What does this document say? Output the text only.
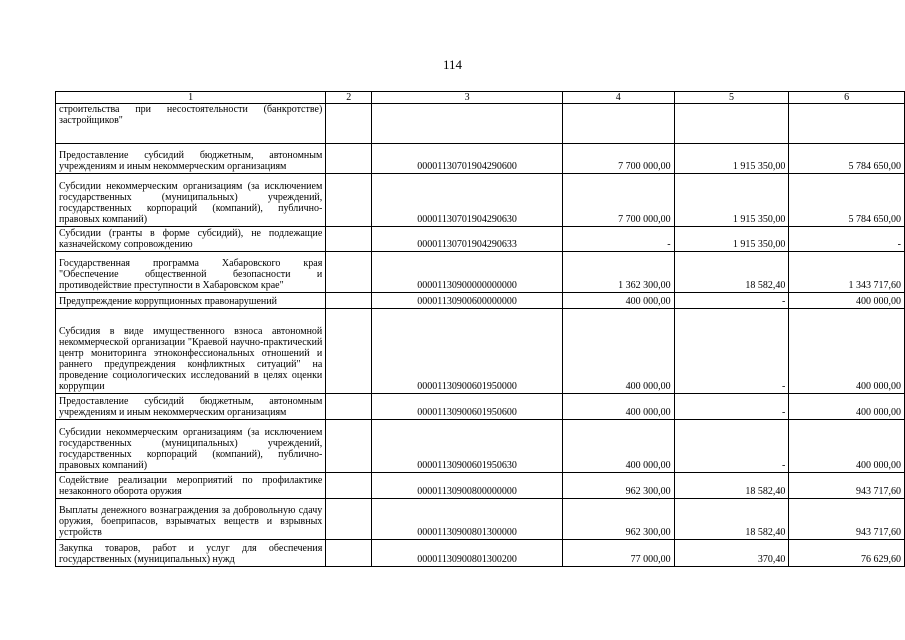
114
1	2	3	4	5	6
строительства при несостоятельности (банкротстве) застройщиков"					
Предоставление субсидий бюджетным, автономным учреждениям и иным некоммерческим организациям		00001130701904290600	7 700 000,00	1 915 350,00	5 784 650,00
Субсидии некоммерческим организациям (за исключением государственных (муниципальных) учреждений, государственных корпораций (компаний), публично-правовых компаний)		00001130701904290630	7 700 000,00	1 915 350,00	5 784 650,00
Субсидии (гранты в форме субсидий), не подлежащие казначейскому сопровождению		00001130701904290633	-	1 915 350,00	-
Государственная программа Хабаровского края "Обеспечение общественной безопасности и противодействие преступности в Хабаровском крае"		00001130900000000000	1 362 300,00	18 582,40	1 343 717,60
Предупреждение коррупционных правонарушений		00001130900600000000	400 000,00	-	400 000,00
Субсидия в виде имущественного взноса автономной некоммерческой организации "Краевой научно-практический центр мониторинга этноконфессиональных отношений и раннего предупреждения конфликтных ситуаций" на проведение социологических исследований в целях оценки коррупции		00001130900601950000	400 000,00	-	400 000,00
Предоставление субсидий бюджетным, автономным учреждениям и иным некоммерческим организациям		00001130900601950600	400 000,00	-	400 000,00
Субсидии некоммерческим организациям (за исключением государственных (муниципальных) учреждений, государственных корпораций (компаний), публично-правовых компаний)		00001130900601950630	400 000,00	-	400 000,00
Содействие реализации мероприятий по профилактике незаконного оборота оружия		00001130900800000000	962 300,00	18 582,40	943 717,60
Выплаты денежного вознаграждения за добровольную сдачу оружия, боеприпасов, взрывчатых веществ и взрывных устройств		00001130900801300000	962 300,00	18 582,40	943 717,60
Закупка товаров, работ и услуг для обеспечения государственных (муниципальных) нужд		00001130900801300200	77 000,00	370,40	76 629,60
